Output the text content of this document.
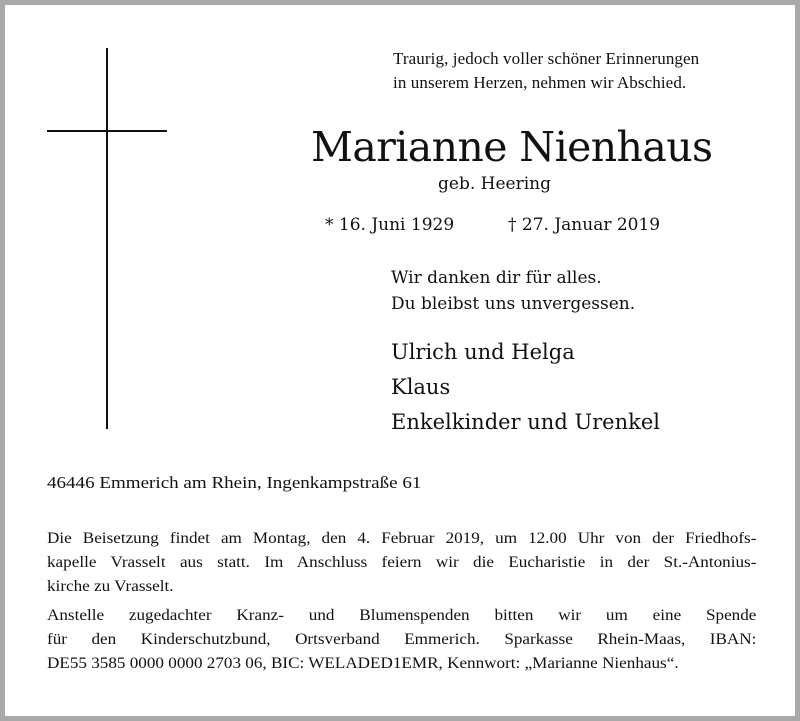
Traurig, jedoch voller schöner Erinnerungen
in unserem Herzen, nehmen wir Abschied.
Marianne Nienhaus
geb. Heering
* 16. Juni 1929	† 27. Januar 2019
Wir danken dir für alles.
Du bleibst uns unvergessen.
Ulrich und Helga
Klaus
Enkelkinder und Urenkel
46446 Emmerich am Rhein, Ingenkampstraße 61
Die Beisetzung findet am Montag, den 4. Februar 2019, um 12.00 Uhr von der Friedhofs-
kapelle Vrasselt aus statt. Im Anschluss feiern wir die Eucharistie in der St.-Antonius-
kirche zu Vrasselt.
Anstelle zugedachter Kranz- und Blumenspenden bitten wir um eine Spende
für den Kinderschutzbund, Ortsverband Emmerich. Sparkasse Rhein-Maas, IBAN:
DE55 3585 0000 0000 2703 06, BIC: WELADED1EMR, Kennwort: „Marianne Nienhaus“.
